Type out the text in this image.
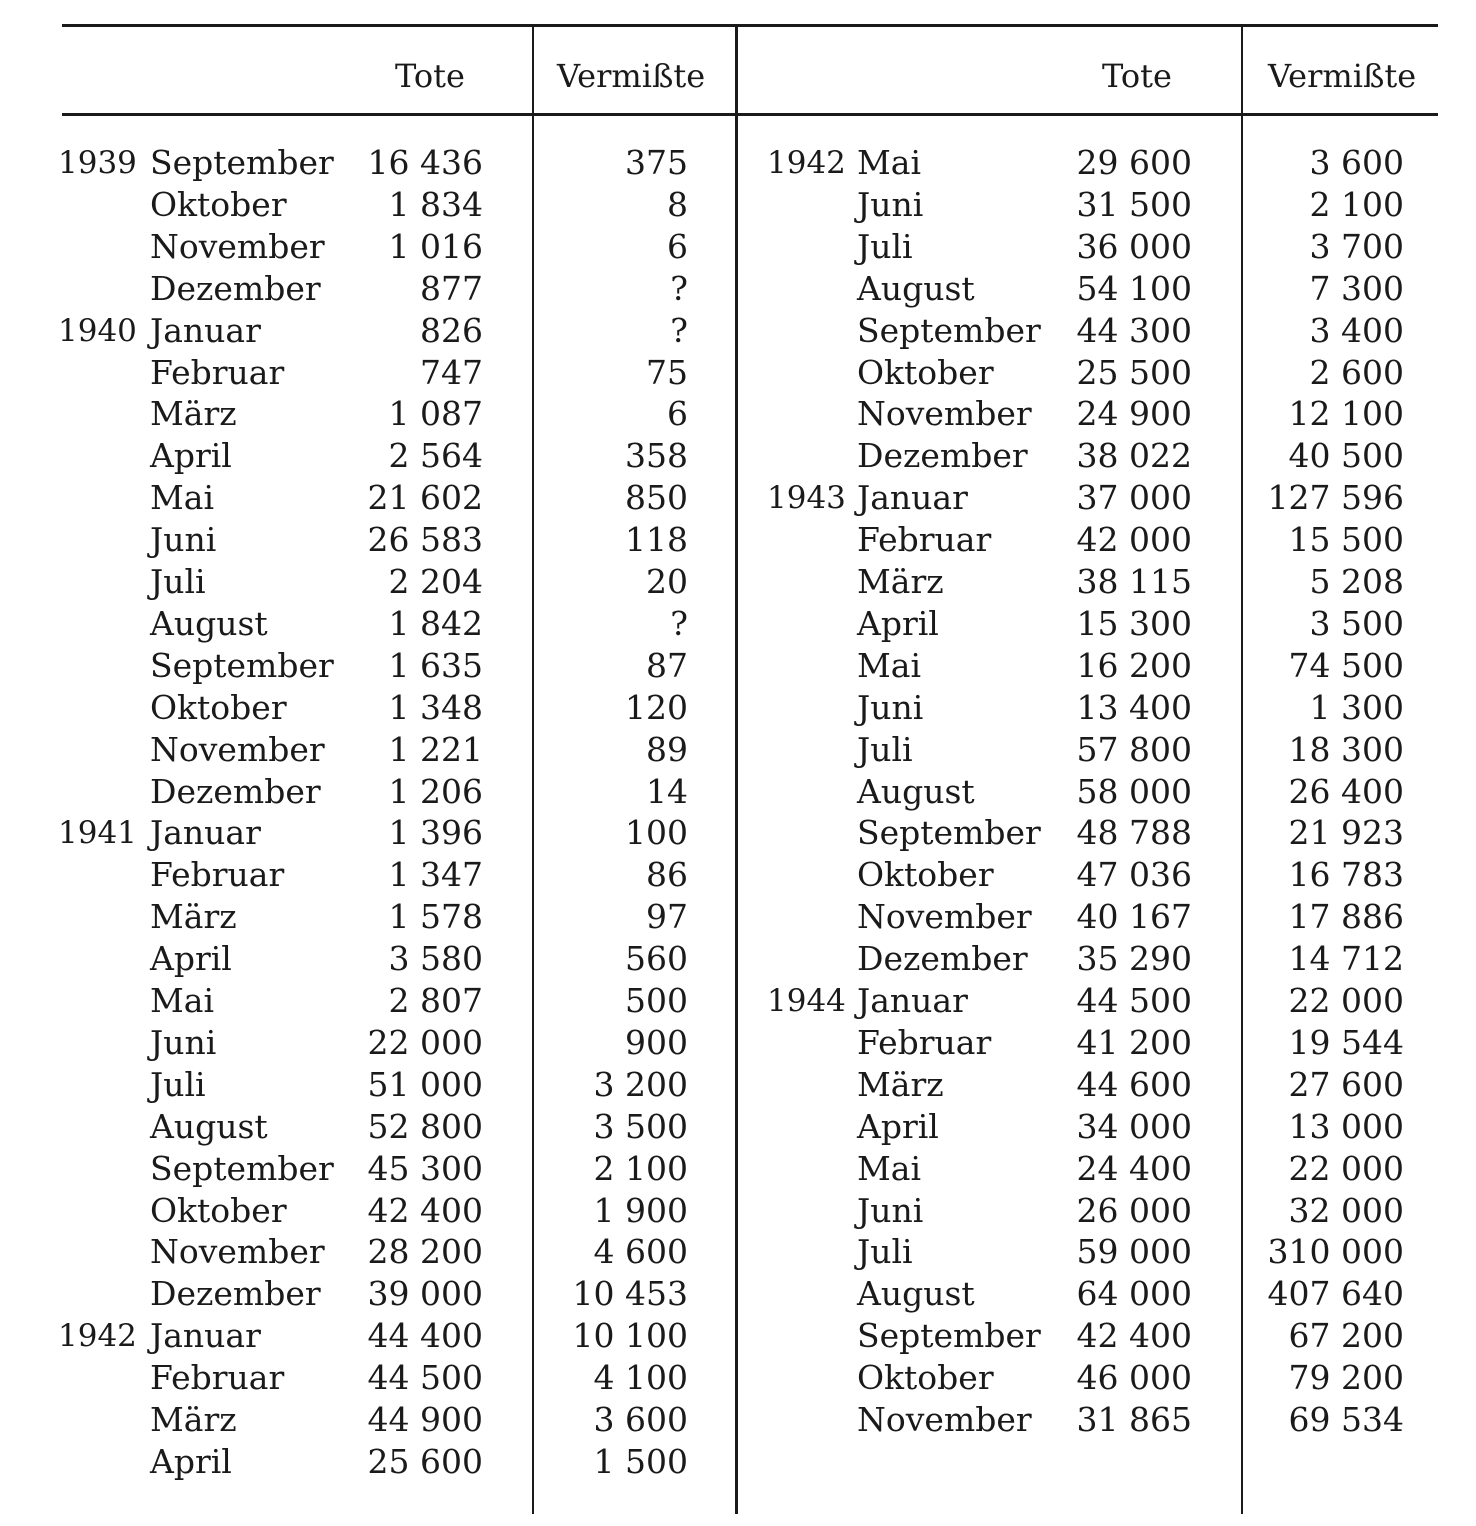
Tote	Vermißte	Tote	Vermißte
1939 September	16 436	375
Oktober	1 834	8
November	1 016	6
Dezember	877	?
1940 Januar	826	?
Februar	747	75
März	1 087	6
April	2 564	358
Mai	21 602	850
Juni	26 583	118
Juli	2 204	20
August	1 842	?
September	1 635	87
Oktober	1 348	120
November	1 221	89
Dezember	1 206	14
1941 Januar	1 396	100
Februar	1 347	86
März	1 578	97
April	3 580	560
Mai	2 807	500
Juni	22 000	900
Juli	51 000	3 200
August	52 800	3 500
September	45 300	2 100
Oktober	42 400	1 900
November	28 200	4 600
Dezember	39 000	10 453
1942 Januar	44 400	10 100
Februar	44 500	4 100
März	44 900	3 600
April	25 600	1 500
1942 Mai	29 600	3 600
Juni	31 500	2 100
Juli	36 000	3 700
August	54 100	7 300
September	44 300	3 400
Oktober	25 500	2 600
November	24 900	12 100
Dezember	38 022	40 500
1943 Januar	37 000	127 596
Februar	42 000	15 500
März	38 115	5 208
April	15 300	3 500
Mai	16 200	74 500
Juni	13 400	1 300
Juli	57 800	18 300
August	58 000	26 400
September	48 788	21 923
Oktober	47 036	16 783
November	40 167	17 886
Dezember	35 290	14 712
1944 Januar	44 500	22 000
Februar	41 200	19 544
März	44 600	27 600
April	34 000	13 000
Mai	24 400	22 000
Juni	26 000	32 000
Juli	59 000	310 000
August	64 000	407 640
September	42 400	67 200
Oktober	46 000	79 200
November	31 865	69 534
